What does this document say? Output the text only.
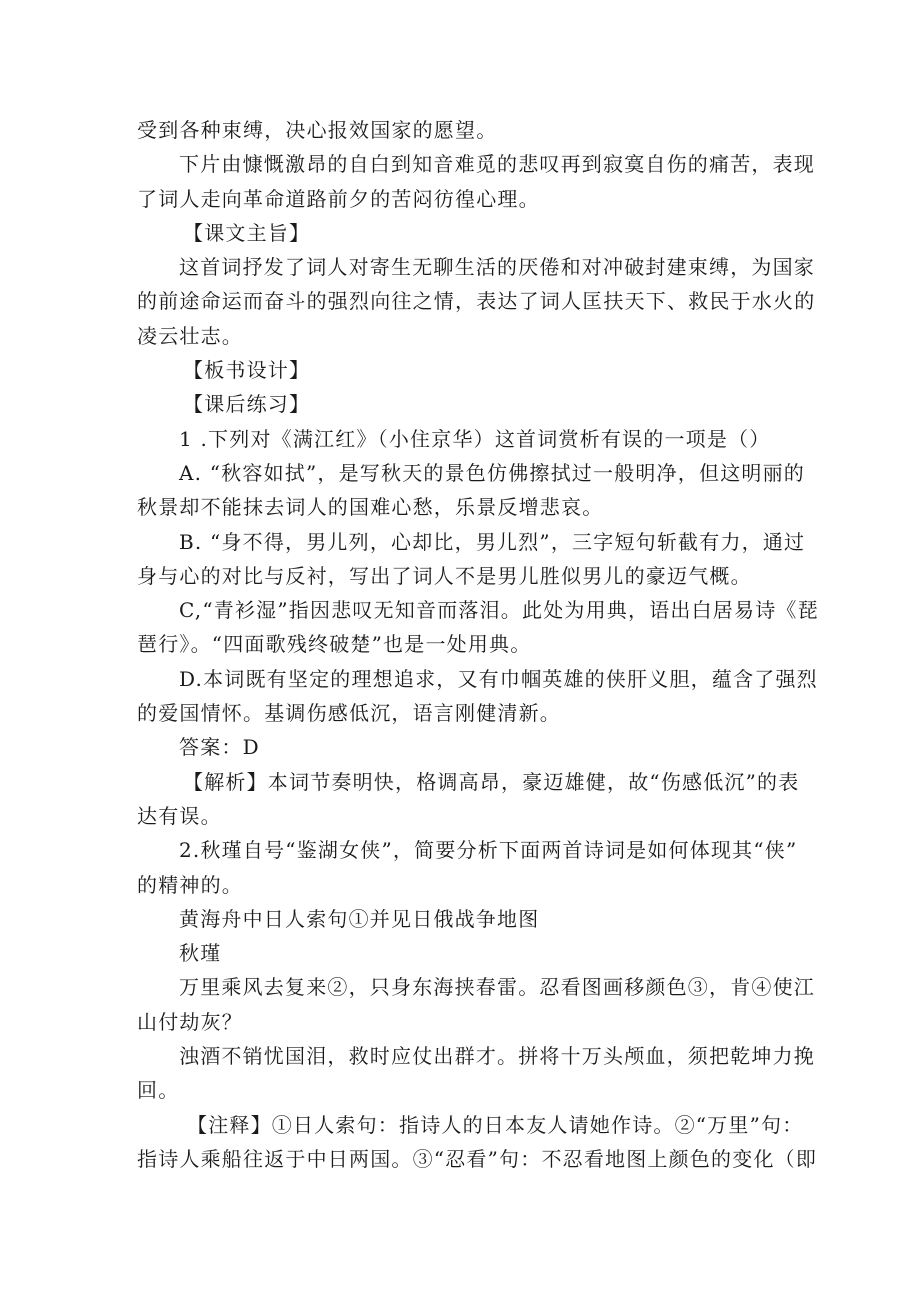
受到各种束缚，决心报效国家的愿望。
下片由慷慨激昂的自白到知音难觅的悲叹再到寂寞自伤的痛苦，表现
了词人走向革命道路前夕的苦闷彷徨心理。
【课文主旨】
这首词抒发了词人对寄生无聊生活的厌倦和对冲破封建束缚，为国家
的前途命运而奋斗的强烈向往之情，表达了词人匡扶天下、救民于水火的
凌云壮志。
【板书设计】
【课后练习】
1 .下列对《满江红》（小住京华）这首词赏析有误的一项是（）
A. “秋容如拭”，是写秋天的景色仿佛擦拭过一般明净，但这明丽的
秋景却不能抹去词人的国难心愁，乐景反增悲哀。
B. “身不得，男儿列，心却比，男儿烈”，三字短句斩截有力，通过
身与心的对比与反衬，写出了词人不是男儿胜似男儿的豪迈气概。
C,“青衫湿”指因悲叹无知音而落泪。此处为用典，语出白居易诗《琵
琶行》。“四面歌残终破楚”也是一处用典。
D.本词既有坚定的理想追求，又有巾帼英雄的侠肝义胆，蕴含了强烈
的爱国情怀。基调伤感低沉，语言刚健清新。
答案：D
【解析】本词节奏明快，格调高昂，豪迈雄健，故“伤感低沉”的表
达有误。
2.秋瑾自号“鉴湖女侠”，简要分析下面两首诗词是如何体现其“侠”
的精神的。
黄海舟中日人索句①并见日俄战争地图
秋瑾
万里乘风去复来②，只身东海挟春雷。忍看图画移颜色③，肯④使江
山付劫灰？
浊酒不销忧国泪，救时应仗出群才。拼将十万头颅血，须把乾坤力挽
回。
【注释】①日人索句：指诗人的日本友人请她作诗。②“万里”句：
指诗人乘船往返于中日两国。③“忍看”句：不忍看地图上颜色的变化（即
